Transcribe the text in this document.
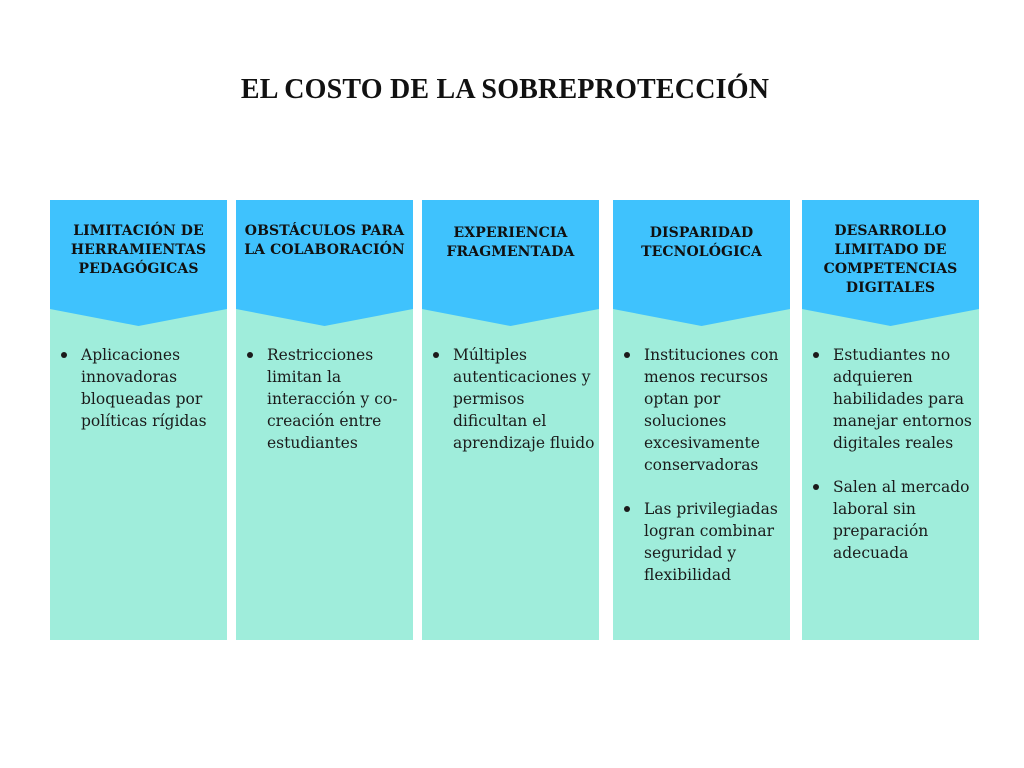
EL COSTO DE LA SOBREPROTECCIÓN
LIMITACIÓN DE HERRAMIENTAS PEDAGÓGICAS
Aplicaciones innovadoras bloqueadas por políticas rígidas
OBSTÁCULOS PARA LA COLABORACIÓN
Restricciones limitan la interacción y co-creación entre estudiantes
EXPERIENCIA FRAGMENTADA
Múltiples autenticaciones y permisos dificultan el aprendizaje fluido
DISPARIDAD TECNOLÓGICA
Instituciones con menos recursos optan por soluciones excesivamente conservadoras
Las privilegiadas logran combinar seguridad y flexibilidad
DESARROLLO LIMITADO DE COMPETENCIAS DIGITALES
Estudiantes no adquieren habilidades para manejar entornos digitales reales
Salen al mercado laboral sin preparación adecuada
